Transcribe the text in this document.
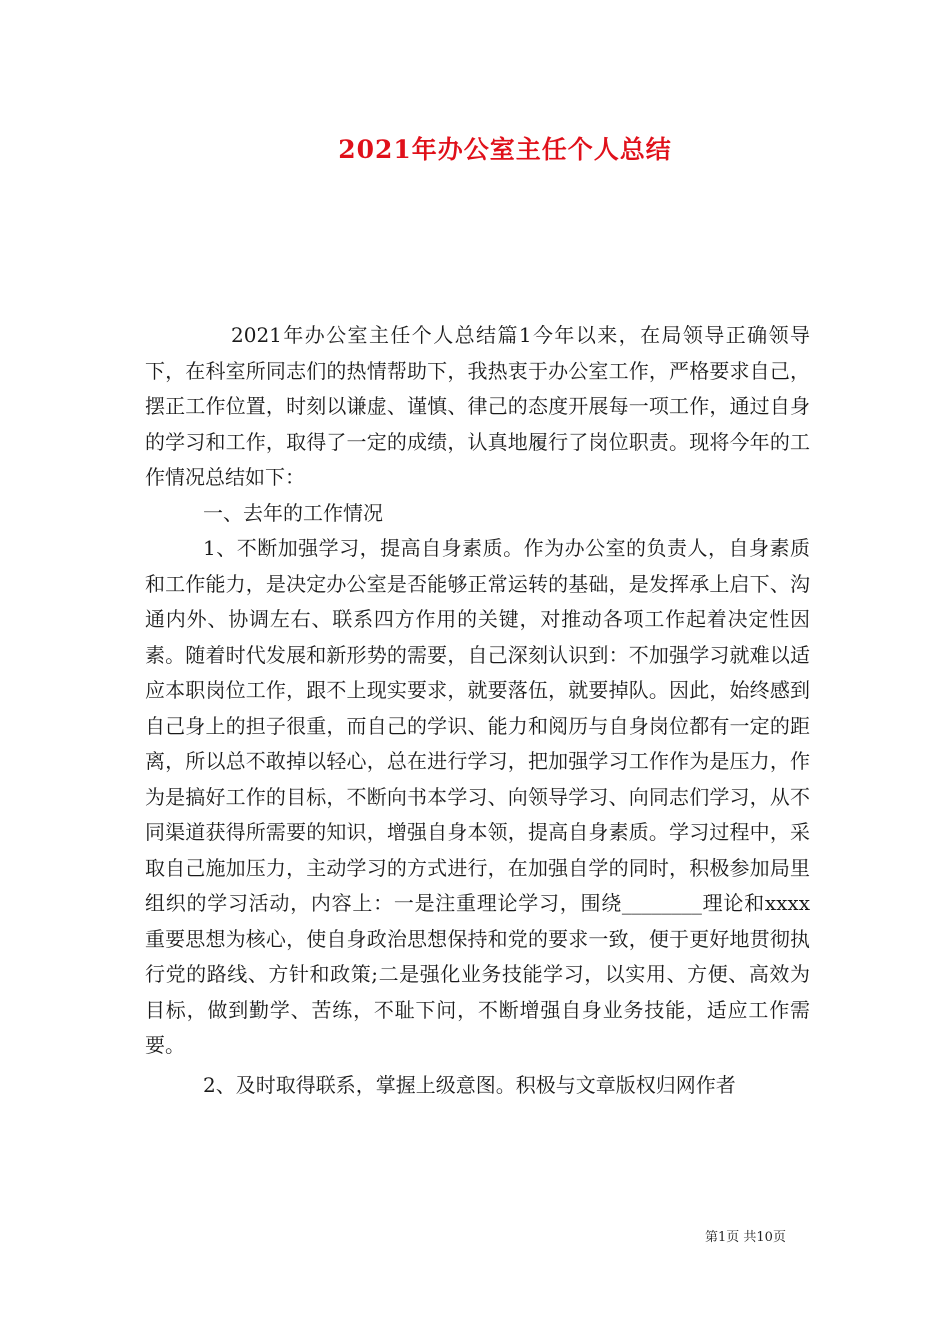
2021年办公室主任个人总结

2021年办公室主任个人总结篇1今年以来，在局领导正确领导下，在科室所同志们的热情帮助下，我热衷于办公室工作，严格要求自己，摆正工作位置，时刻以谦虚、谨慎、律己的态度开展每一项工作，通过自身的学习和工作，取得了一定的成绩，认真地履行了岗位职责。现将今年的工作情况总结如下：

一、去年的工作情况

1、不断加强学习，提高自身素质。作为办公室的负责人，自身素质和工作能力，是决定办公室是否能够正常运转的基础，是发挥承上启下、沟通内外、协调左右、联系四方作用的关键，对推动各项工作起着决定性因素。随着时代发展和新形势的需要，自己深刻认识到：不加强学习就难以适应本职岗位工作，跟不上现实要求，就要落伍，就要掉队。因此，始终感到自己身上的担子很重，而自己的学识、能力和阅历与自身岗位都有一定的距离，所以总不敢掉以轻心，总在进行学习，把加强学习工作作为是压力，作为是搞好工作的目标，不断向书本学习、向领导学习、向同志们学习，从不同渠道获得所需要的知识，增强自身本领，提高自身素质。学习过程中，采取自己施加压力，主动学习的方式进行，在加强自学的同时，积极参加局里组织的学习活动，内容上：一是注重理论学习，围绕________理论和xxxx重要思想为核心，使自身政治思想保持和党的要求一致，便于更好地贯彻执行党的路线、方针和政策;二是强化业务技能学习，以实用、方便、高效为目标，做到勤学、苦练，不耻下问，不断增强自身业务技能，适应工作需要。

2、及时取得联系，掌握上级意图。积极与文章版权归网作者

第1页 共10页
